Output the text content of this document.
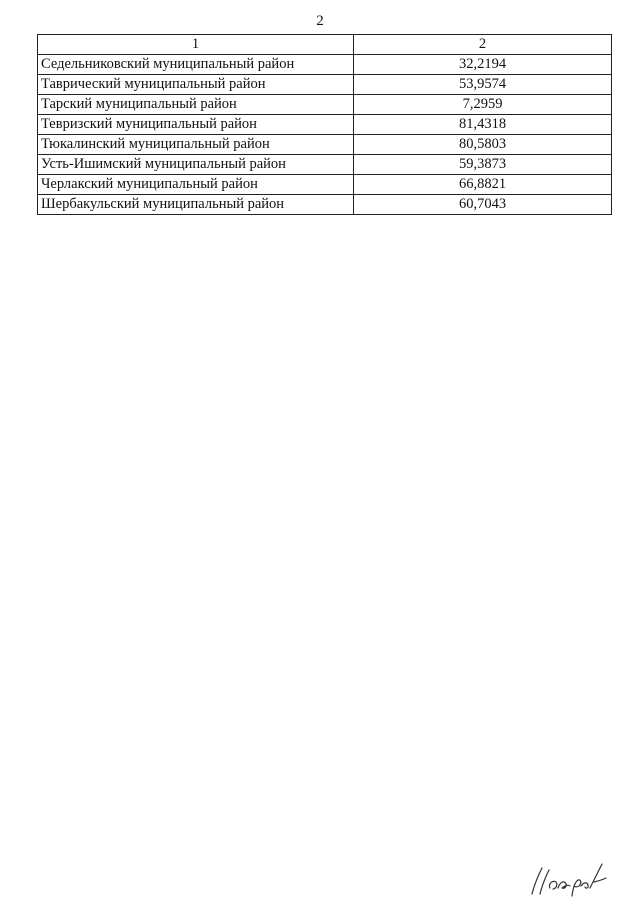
2
1	2
Седельниковский муниципальный район	32,2194
Таврический муниципальный район	53,9574
Тарский муниципальный район	7,2959
Тевризский муниципальный район	81,4318
Тюкалинский муниципальный район	80,5803
Усть-Ишимский муниципальный район	59,3873
Черлакский муниципальный район	66,8821
Шербакульский муниципальный район	60,7043
